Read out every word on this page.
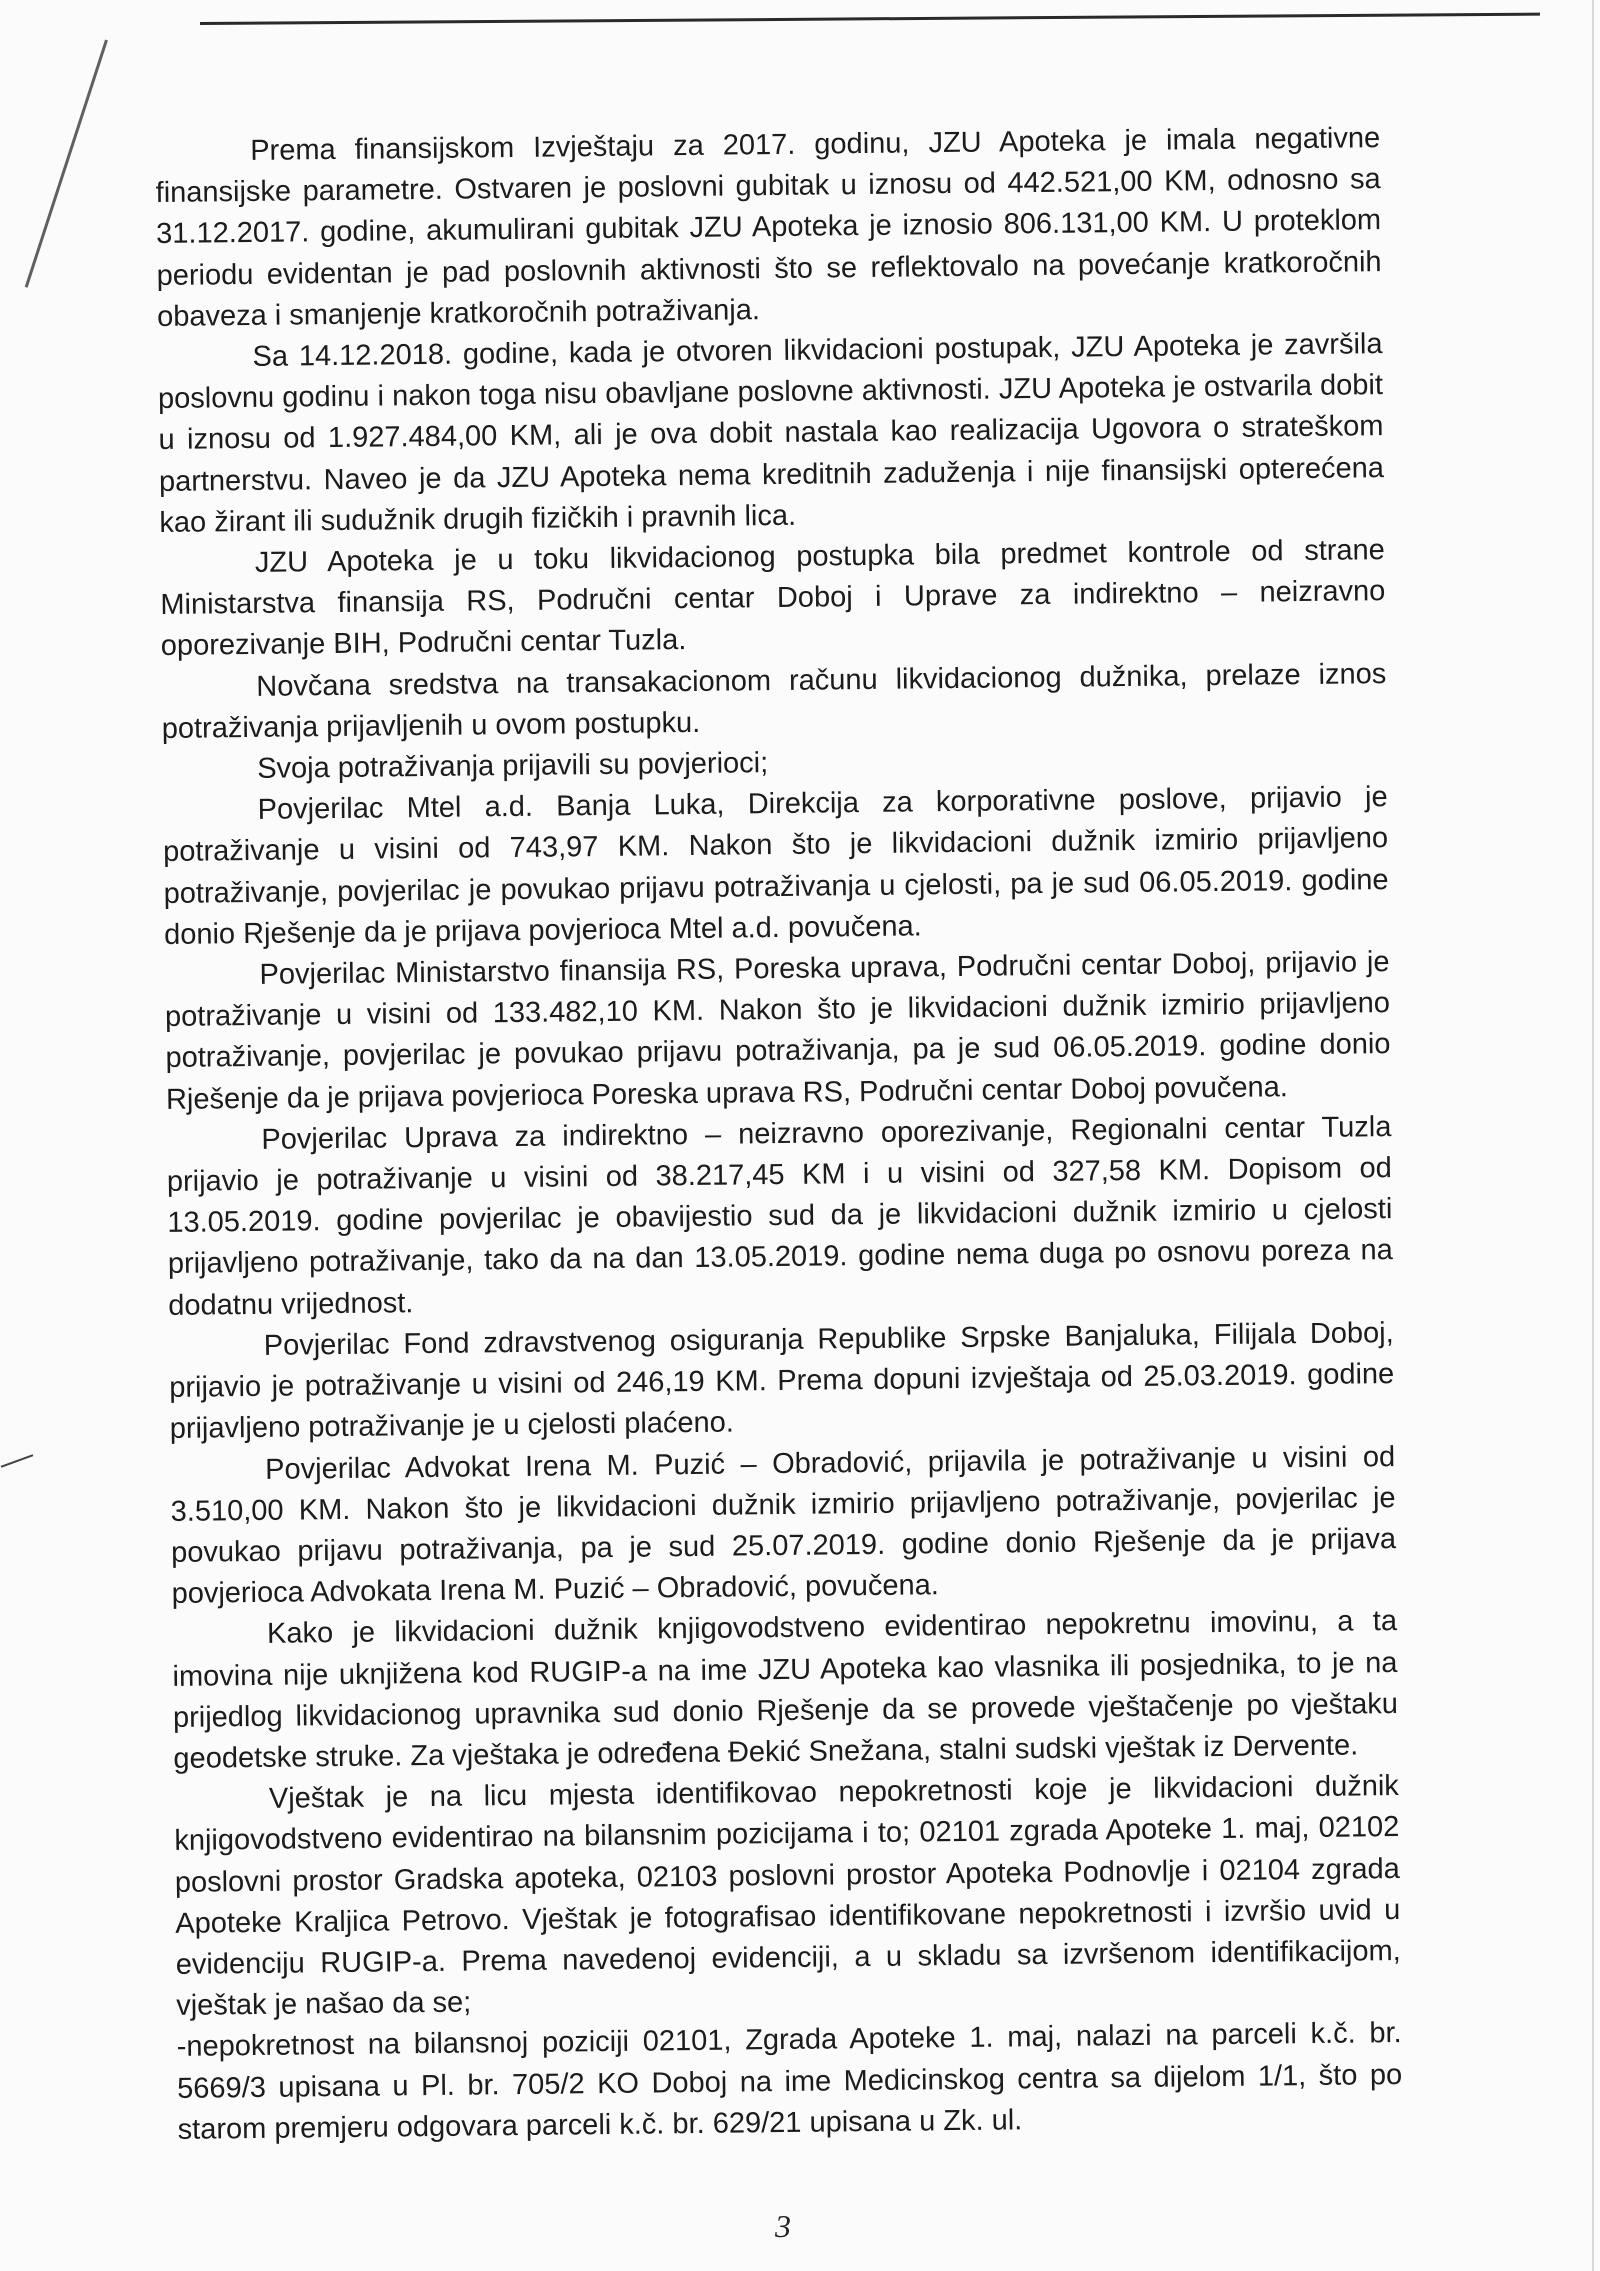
Prema finansijskom Izvještaju za 2017. godinu, JZU Apoteka je imala negativne finansijske parametre. Ostvaren je poslovni gubitak u iznosu od 442.521,00 KM, odnosno sa 31.12.2017. godine, akumulirani gubitak JZU Apoteka je iznosio 806.131,00 KM. U proteklom periodu evidentan je pad poslovnih aktivnosti što se reflektovalo na povećanje kratkoročnih obaveza i smanjenje kratkoročnih potraživanja.

Sa 14.12.2018. godine, kada je otvoren likvidacioni postupak, JZU Apoteka je završila poslovnu godinu i nakon toga nisu obavljane poslovne aktivnosti. JZU Apoteka je ostvarila dobit u iznosu od 1.927.484,00 KM, ali je ova dobit nastala kao realizacija Ugovora o strateškom partnerstvu. Naveo je da JZU Apoteka nema kreditnih zaduženja i nije finansijski opterećena kao žirant ili sudužnik drugih fizičkih i pravnih lica.

JZU Apoteka je u toku likvidacionog postupka bila predmet kontrole od strane Ministarstva finansija RS, Područni centar Doboj i Uprave za indirektno – neizravno oporezivanje BIH, Područni centar Tuzla.

Novčana sredstva na transakacionom računu likvidacionog dužnika, prelaze iznos potraživanja prijavljenih u ovom postupku.

Svoja potraživanja prijavili su povjerioci;

Povjerilac Mtel a.d. Banja Luka, Direkcija za korporativne poslove, prijavio je potraživanje u visini od 743,97 KM. Nakon što je likvidacioni dužnik izmirio prijavljeno potraživanje, povjerilac je povukao prijavu potraživanja u cjelosti, pa je sud 06.05.2019. godine donio Rješenje da je prijava povjerioca Mtel a.d. povučena.

Povjerilac Ministarstvo finansija RS, Poreska uprava, Područni centar Doboj, prijavio je potraživanje u visini od 133.482,10 KM. Nakon što je likvidacioni dužnik izmirio prijavljeno potraživanje, povjerilac je povukao prijavu potraživanja, pa je sud 06.05.2019. godine donio Rješenje da je prijava povjerioca Poreska uprava RS, Područni centar Doboj povučena.

Povjerilac Uprava za indirektno – neizravno oporezivanje, Regionalni centar Tuzla prijavio je potraživanje u visini od 38.217,45 KM i u visini od 327,58 KM. Dopisom od 13.05.2019. godine povjerilac je obavijestio sud da je likvidacioni dužnik izmirio u cjelosti prijavljeno potraživanje, tako da na dan 13.05.2019. godine nema duga po osnovu poreza na dodatnu vrijednost.

Povjerilac Fond zdravstvenog osiguranja Republike Srpske Banjaluka, Filijala Doboj, prijavio je potraživanje u visini od 246,19 KM. Prema dopuni izvještaja od 25.03.2019. godine prijavljeno potraživanje je u cjelosti plaćeno.

Povjerilac Advokat Irena M. Puzić – Obradović, prijavila je potraživanje u visini od 3.510,00 KM. Nakon što je likvidacioni dužnik izmirio prijavljeno potraživanje, povjerilac je povukao prijavu potraživanja, pa je sud 25.07.2019. godine donio Rješenje da je prijava povjerioca Advokata Irena M. Puzić – Obradović, povučena.

Kako je likvidacioni dužnik knjigovodstveno evidentirao nepokretnu imovinu, a ta imovina nije uknjižena kod RUGIP-a na ime JZU Apoteka kao vlasnika ili posjednika, to je na prijedlog likvidacionog upravnika sud donio Rješenje da se provede vještačenje po vještaku geodetske struke. Za vještaka je određena Đekić Snežana, stalni sudski vještak iz Dervente.

Vještak je na licu mjesta identifikovao nepokretnosti koje je likvidacioni dužnik knjigovodstveno evidentirao na bilansnim pozicijama i to; 02101 zgrada Apoteke 1. maj, 02102 poslovni prostor Gradska apoteka, 02103 poslovni prostor Apoteka Podnovlje i 02104 zgrada Apoteke Kraljica Petrovo. Vještak je fotografisao identifikovane nepokretnosti i izvršio uvid u evidenciju RUGIP-a. Prema navedenoj evidenciji, a u skladu sa izvršenom identifikacijom, vještak je našao da se;

-nepokretnost na bilansnoj poziciji 02101, Zgrada Apoteke 1. maj, nalazi na parceli k.č. br. 5669/3 upisana u Pl. br. 705/2 KO Doboj na ime Medicinskog centra sa dijelom 1/1, što po starom premjeru odgovara parceli k.č. br. 629/21 upisana u Zk. ul.

3
